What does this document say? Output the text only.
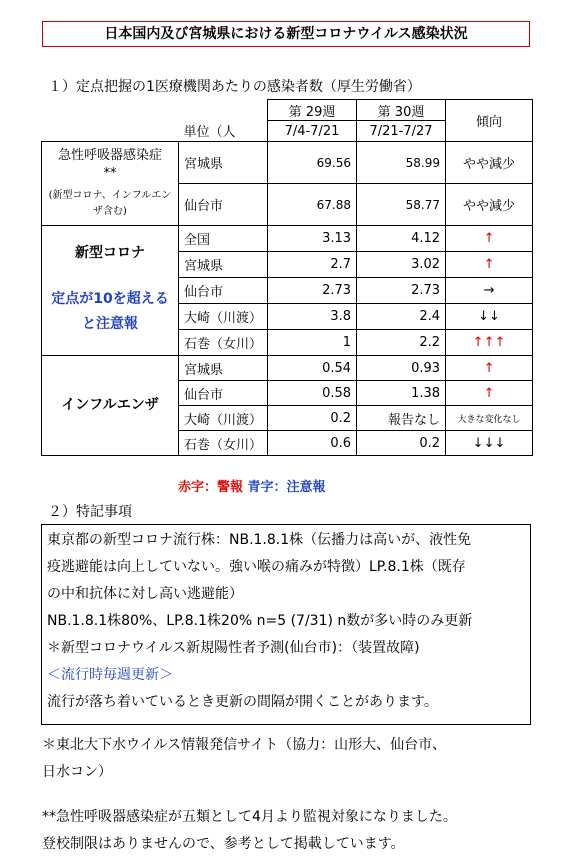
日本国内及び宮城県における新型コロナウイルス感染状況
１）定点把握の1医療機関あたりの感染者数（厚生労働省）
		第 29週	第 30週	傾向
	単位（人	7/4-7/21	7/21-7/27	

急性呼吸器感染症
**
(新型コロナ、インフルエンザ含む)	宮城県	69.56	58.99	やや減少
	仙台市	67.88	58.77	やや減少

新型コロナ
定点が10を超えると注意報	全国	3.13	4.12	↑
	宮城県	2.7	3.02	↑
	仙台市	2.73	2.73	→
	大崎（川渡）	3.8	2.4	↓↓
	石巻（女川）	1	2.2	↑↑↑

インフルエンザ	宮城県	0.54	0.93	↑
	仙台市	0.58	1.38	↑
	大崎（川渡）	0.2	報告なし	大きな変化なし
	石巻（女川）	0.6	0.2	↓↓↓
赤字：警報 青字：注意報
２）特記事項
東京都の新型コロナ流行株：NB.1.8.1株（伝播力は高いが、液性免
疫逃避能は向上していない。強い喉の痛みが特徴）LP.8.1株（既存
の中和抗体に対し高い逃避能）
NB.1.8.1株80%、LP.8.1株20% n=5 (7/31) n数が多い時のみ更新
＊新型コロナウイルス新規陽性者予測(仙台市)：（装置故障)
＜流行時毎週更新＞
流行が落ち着いているとき更新の間隔が開くことがあります。
＊東北大下水ウイルス情報発信サイト（協力：山形大、仙台市、
日水コン）
**急性呼吸器感染症が五類として4月より監視対象になりました。
登校制限はありませんので、参考として掲載しています。
